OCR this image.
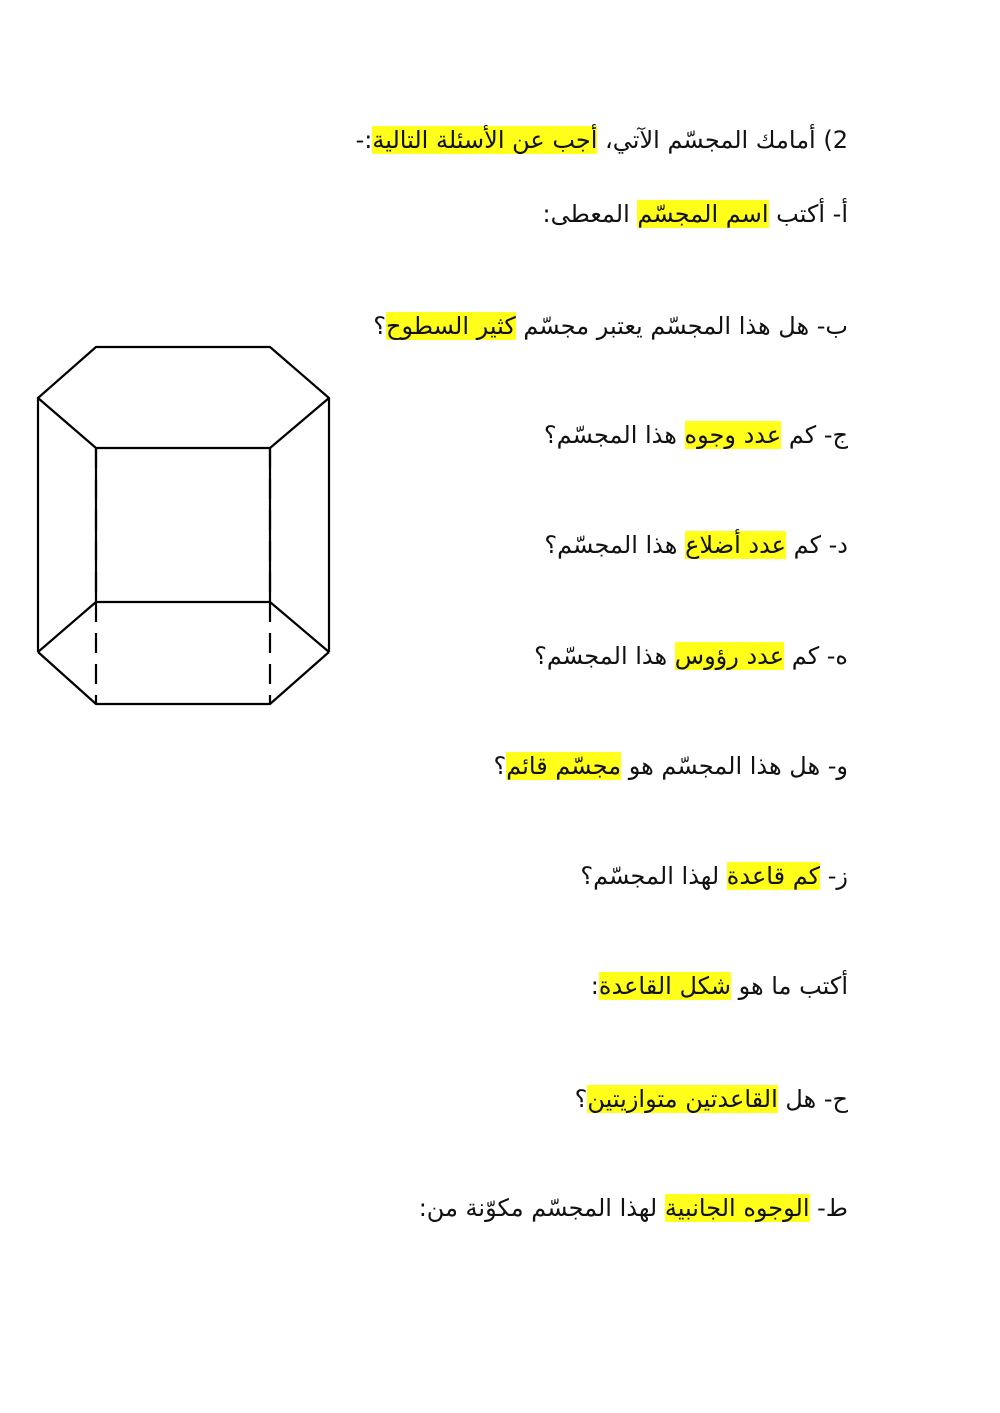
2) أمامك المجسّم الآتي، أجب عن الأسئلة التالية:-
أ- أكتب اسم المجسّم المعطى:
ب- هل هذا المجسّم يعتبر مجسّم كثير السطوح؟
ج- كم عدد وجوه هذا المجسّم؟
د- كم عدد أضلاع هذا المجسّم؟
ه- كم عدد رؤوس هذا المجسّم؟
و- هل هذا المجسّم هو مجسّم قائم؟
ز- كم قاعدة لهذا المجسّم؟
أكتب ما هو شكل القاعدة:
ح- هل القاعدتين متوازيتين؟
ط- الوجوه الجانبية لهذا المجسّم مكوّنة من:
